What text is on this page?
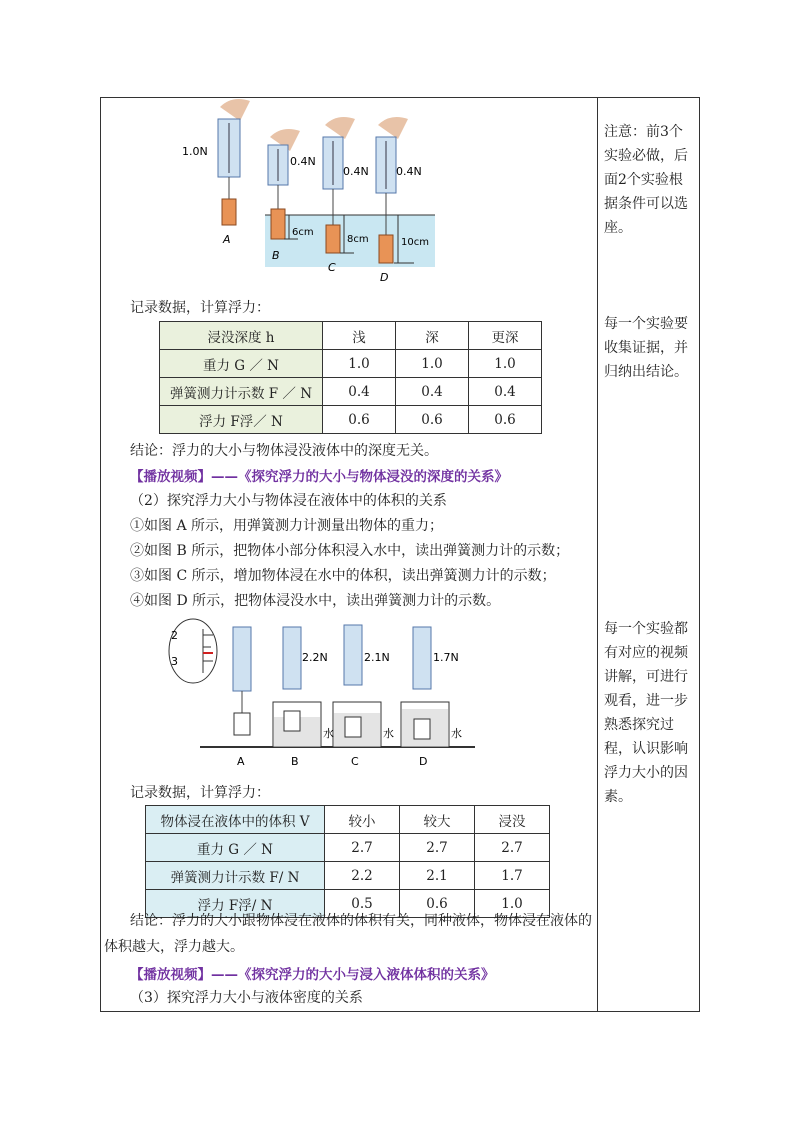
注意：前3个
实验必做，后
面2个实验根
据条件可以选
座。
每一个实验要
收集证据，并
归纳出结论。
每一个实验都
有对应的视频
讲解，可进行
观看，进一步
熟悉探究过
程，认识影响
浮力大小的因
素。
1.0N
0.4N
0.4N 0.4N
6cm
8cm	10cm
A
B
C
D
记录数据，计算浮力：
浸没深度 h	浅	深	更深
重力 G ／ N	1.0	1.0	1.0
弹簧测力计示数 F ／ N	0.4	0.4	0.4
浮力 F浮／ N	0.6	0.6	0.6
结论：浮力的大小与物体浸没液体中的深度无关。
【播放视频】——《探究浮力的大小与物体浸没的深度的关系》
（2）探究浮力大小与物体浸在液体中的体积的关系
①如图 A 所示，用弹簧测力计测量出物体的重力；
②如图 B 所示，把物体小部分体积浸入水中，读出弹簧测力计的示数；
③如图 C 所示，增加物体浸在水中的体积，读出弹簧测力计的示数；
④如图 D 所示，把物体浸没水中，读出弹簧测力计的示数。
2
3	2.2N	2.1N	1.7N
水	水	水
A	B	C	D
记录数据，计算浮力：
物体浸在液体中的体积 V	较小	较大	浸没
重力 G ／ N	2.7	2.7	2.7
弹簧测力计示数 F/ N	2.2	2.1	1.7
浮力 F浮/ N	0.5	0.6	1.0
结论：浮力的大小跟物体浸在液体的体积有关，同种液体，物体浸在液体的体积越大，浮力越大。
【播放视频】——《探究浮力的大小与浸入液体体积的关系》
（3）探究浮力大小与液体密度的关系
